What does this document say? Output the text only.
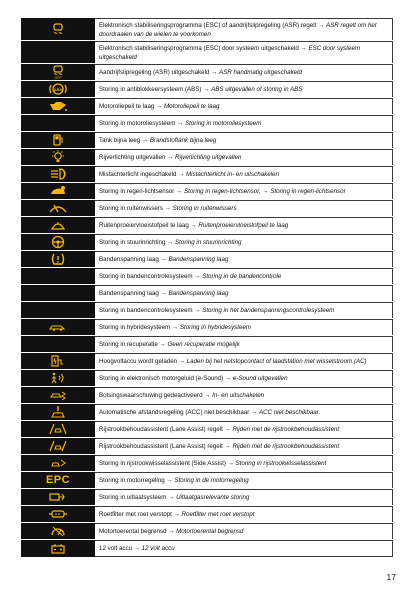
Elektronisch stabiliseringsprogramma (ESC) of aandrijfslipregeling (ASR) regelt → ASR regelt om het doordraaien van de wielen te voorkomen
Elektronisch stabiliseringsprogramma (ESC) door systeem uitgeschakeld → ESC door systeem uitgeschakeld
OFF
Aandrijfslipregeling (ASR) uitgeschakeld → ASR handmatig uitgeschakeld
ABS	Storing in antiblokkeersysteem (ABS) → ABS uitgevallen of storing in ABS
Motoroliepeil te laag → Motoroliepeil te laag
Storing in motoroliesysteem → Storing in motoroliesysteem
Tank bijna leeg → Brandstoftank bijna leeg
Rijverlichting uitgevallen → Rijverlichting uitgevallen
Mistachterlicht ingeschakeld → Mistachterlicht in- en uitschakelen
Storing in regen-lichtsensor → Storing in regen-lichtsensor, → Storing in regen-lichtsensor
Storing in ruitenwissers → Storing in ruitenwissers
Ruitenproeiervloeistofpeil te laag → Ruitenproeiervloeistofpeil te laag
Storing in stuurinrichting → Storing in stuurinrichting
Bandenspanning laag → Bandenspanning laag
Storing in bandencontrolesysteem → Storing in de bandencontrole
Bandenspanning laag → Bandenspanning laag
Storing in bandencontrolesysteem → Storing in het bandenspanningscontrolesysteem
Storing in hybridesysteem → Storing in hybridesysteem
Storing in recuperatie → Geen recuperatie mogelijk
Hoogvoltaccu wordt geladen → Laden bij het netstopcontact of laadstation met wisselstroom (AC)
Storing in elektronisch motorgeluid (e-Sound) → e-Sound uitgevallen
Botsingswaarschuwing gedeactiveerd → In- en uitschakelen
Automatische afstandsregeling (ACC) niet beschikbaar → ACC niet beschikbaar.
Rijstrookbehoudassistent (Lane Assist) regelt → Rijden met de rijstrookbehoudassistent
Rijstrookbehoudassistent (Lane Assist) regelt → Rijden met de rijstrookbehoudassistent
Storing in rijstrookwisselassistent (Side Assist) → Storing in rijstrookwisselassistent
EPC	Storing in motorregeling → Storing in de motorregeling
Storing in uitlaatsysteem → Uitlaatgasrelevante storing
Roetfilter met roet verstopt → Roetfilter met roet verstopt
Motortoerental begrensd → Motortoerental begrensd
12 volt accu → 12 volt accu
17
